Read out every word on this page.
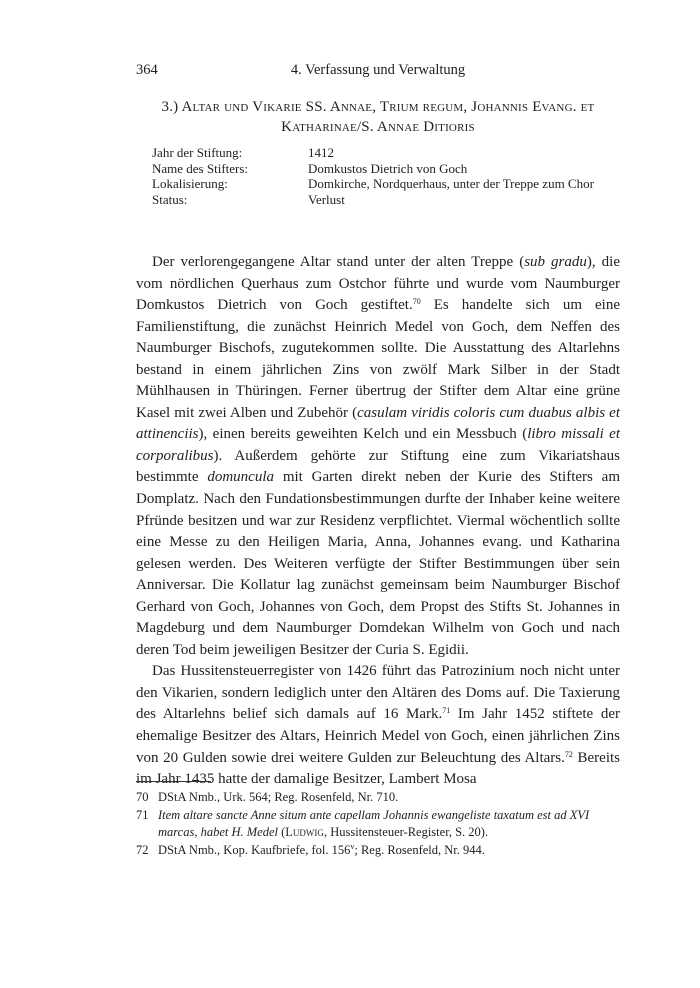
364	4. Verfassung und Verwaltung
3.) Altar und Vikarie SS. Annae, Trium regum, Johannis Evang. et
Katharinae/S. Annae Ditioris
Jahr der Stiftung:	1412
Name des Stifters:	Domkustos Dietrich von Goch
Lokalisierung:	Domkirche, Nordquerhaus, unter der Treppe zum Chor
Status:	Verlust

Der verlorengegangene Altar stand unter der alten Treppe (sub gradu), die vom nördlichen Querhaus zum Ostchor führte und wurde vom Naumburger Domkustos Dietrich von Goch gestiftet.$^{70}$ Es handelte sich um eine Familienstiftung, die zunächst Heinrich Medel von Goch, dem Neffen des Naumburger Bischofs, zugutekommen sollte. Die Ausstattung des Altarlehns bestand in einem jährlichen Zins von zwölf Mark Silber in der Stadt Mühlhausen in Thüringen. Ferner übertrug der Stifter dem Altar eine grüne Kasel mit zwei Alben und Zubehör (casulam viridis coloris cum duabus albis et attinenciis), einen bereits geweihten Kelch und ein Messbuch (libro missali et corporalibus). Außerdem gehörte zur Stiftung eine zum Vikariatshaus bestimmte domuncula mit Garten direkt neben der Kurie des Stifters am Domplatz. Nach den Fundationsbestimmungen durfte der Inhaber keine weitere Pfründe besitzen und war zur Residenz verpflichtet. Viermal wöchentlich sollte eine Messe zu den Heiligen Maria, Anna, Johannes evang. und Katharina gelesen werden. Des Weiteren verfügte der Stifter Bestimmungen über sein Anniversar. Die Kollatur lag zunächst gemeinsam beim Naumburger Bischof Gerhard von Goch, Johannes von Goch, dem Propst des Stifts St. Johannes in Magdeburg und dem Naumburger Domdekan Wilhelm von Goch und nach deren Tod beim jeweiligen Besitzer der Curia S. Egidii.

Das Hussitensteuerregister von 1426 führt das Patrozinium noch nicht unter den Vikarien, sondern lediglich unter den Altären des Doms auf. Die Taxierung des Altarlehns belief sich damals auf 16 Mark.$^{71}$ Im Jahr 1452 stiftete der ehemalige Besitzer des Altars, Heinrich Medel von Goch, einen jährlichen Zins von 20 Gulden sowie drei weitere Gulden zur Beleuchtung des Altars.$^{72}$ Bereits im Jahr 1435 hatte der damalige Besitzer, Lambert Mosa

70 DStA Nmb., Urk. 564; Reg. Rosenfeld, Nr. 710.
71 Item altare sancte Anne situm ante capellam Johannis ewangeliste taxatum est ad XVI marcas, habet H. Medel (Ludwig, Hussitensteuer-Register, S. 20).
72 DStA Nmb., Kop. Kaufbriefe, fol. 156$^v$; Reg. Rosenfeld, Nr. 944.
